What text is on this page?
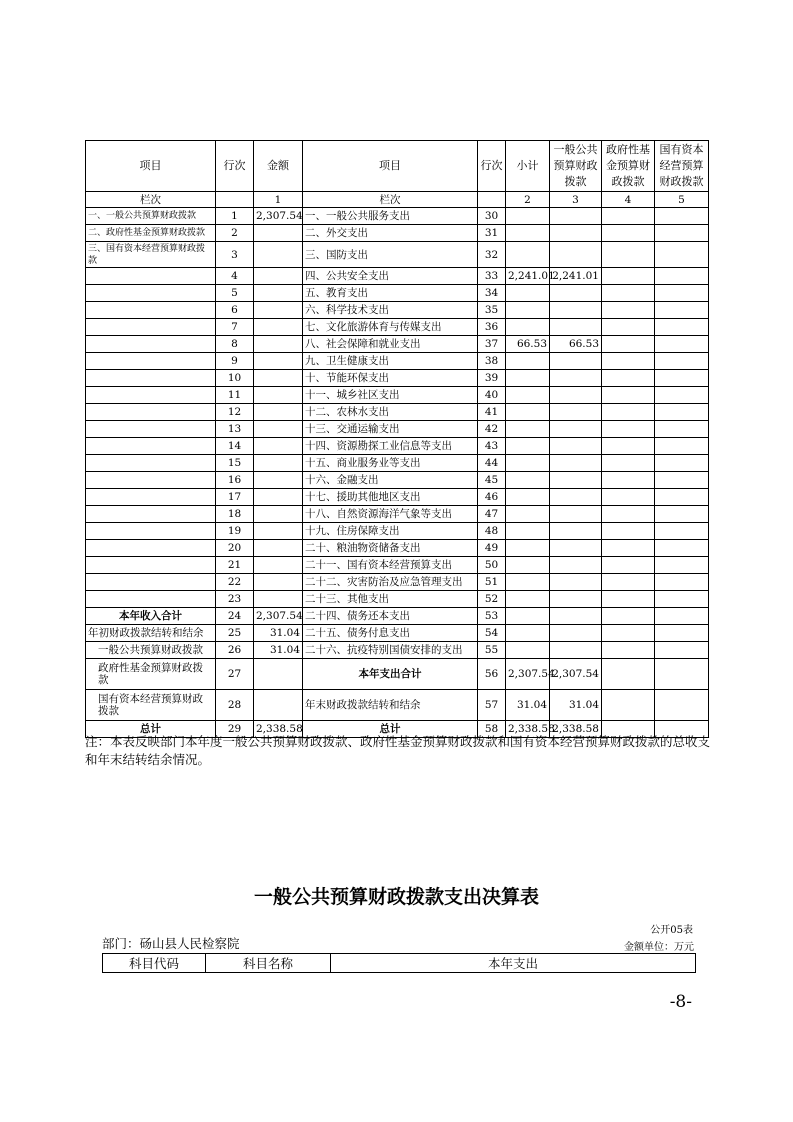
项目	行次	金额	项目	行次	小计	一般公共预算财政拨款	政府性基金预算财政拨款	国有资本经营预算财政拨款
栏次		1	栏次		2	3	4	5
一、一般公共预算财政拨款	1	2,307.54	一、一般公共服务支出	30				
二、政府性基金预算财政拨款	2		二、外交支出	31				
三、国有资本经营预算财政拨款	3		三、国防支出	32				
	4		四、公共安全支出	33	2,241.01	2,241.01		
	5		五、教育支出	34				
	6		六、科学技术支出	35				
	7		七、文化旅游体育与传媒支出	36				
	8		八、社会保障和就业支出	37	66.53	66.53		
	9		九、卫生健康支出	38				
	10		十、节能环保支出	39				
	11		十一、城乡社区支出	40				
	12		十二、农林水支出	41				
	13		十三、交通运输支出	42				
	14		十四、资源勘探工业信息等支出	43				
	15		十五、商业服务业等支出	44				
	16		十六、金融支出	45				
	17		十七、援助其他地区支出	46				
	18		十八、自然资源海洋气象等支出	47				
	19		十九、住房保障支出	48				
	20		二十、粮油物资储备支出	49				
	21		二十一、国有资本经营预算支出	50				
	22		二十二、灾害防治及应急管理支出	51				
	23		二十三、其他支出	52				
本年收入合计	24	2,307.54	二十四、债务还本支出	53				
年初财政拨款结转和结余	25	31.04	二十五、债务付息支出	54				
一般公共预算财政拨款	26	31.04	二十六、抗疫特别国债安排的支出	55				
政府性基金预算财政拨款	27		本年支出合计	56	2,307.54	2,307.54		
国有资本经营预算财政拨款	28		年末财政拨款结转和结余	57	31.04	31.04		
总计	29	2,338.58	总计	58	2,338.58	2,338.58		
注：本表反映部门本年度一般公共预算财政拨款、政府性基金预算财政拨款和国有资本经营预算财政拨款的总收支和年末结转结余情况。
一般公共预算财政拨款支出决算表
公开05表
部门：砀山县人民检察院	金额单位：万元
科目代码	科目名称	本年支出
-8-
